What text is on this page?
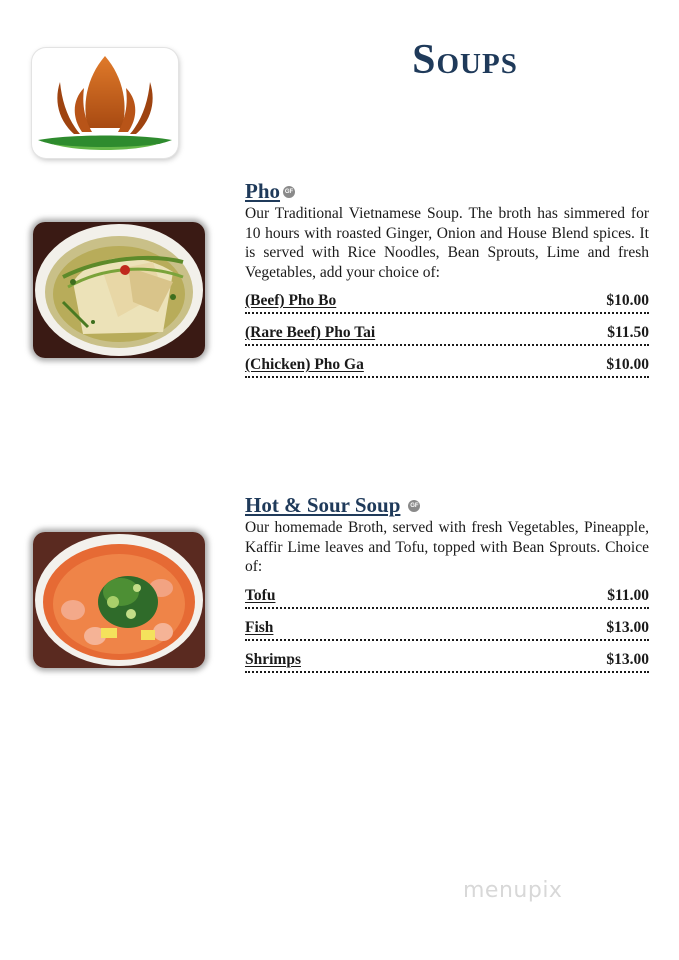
Soups
Pho GF

Our Traditional Vietnamese Soup. The broth has simmered for 10 hours with roasted Ginger, Onion and House Blend spices. It is served with Rice Noodles, Bean Sprouts, Lime and fresh Vegetables, add your choice of:

(Beef) Pho Bo	$10.00
(Rare Beef) Pho Tai	$11.50
(Chicken) Pho Ga	$10.00
Hot & Sour Soup	GF

Our homemade Broth, served with fresh Vegetables, Pineapple, Kaffir Lime leaves and Tofu, topped with Bean Sprouts. Choice of:

Tofu	$11.00
Fish	$13.00
Shrimps	$13.00
menupix
